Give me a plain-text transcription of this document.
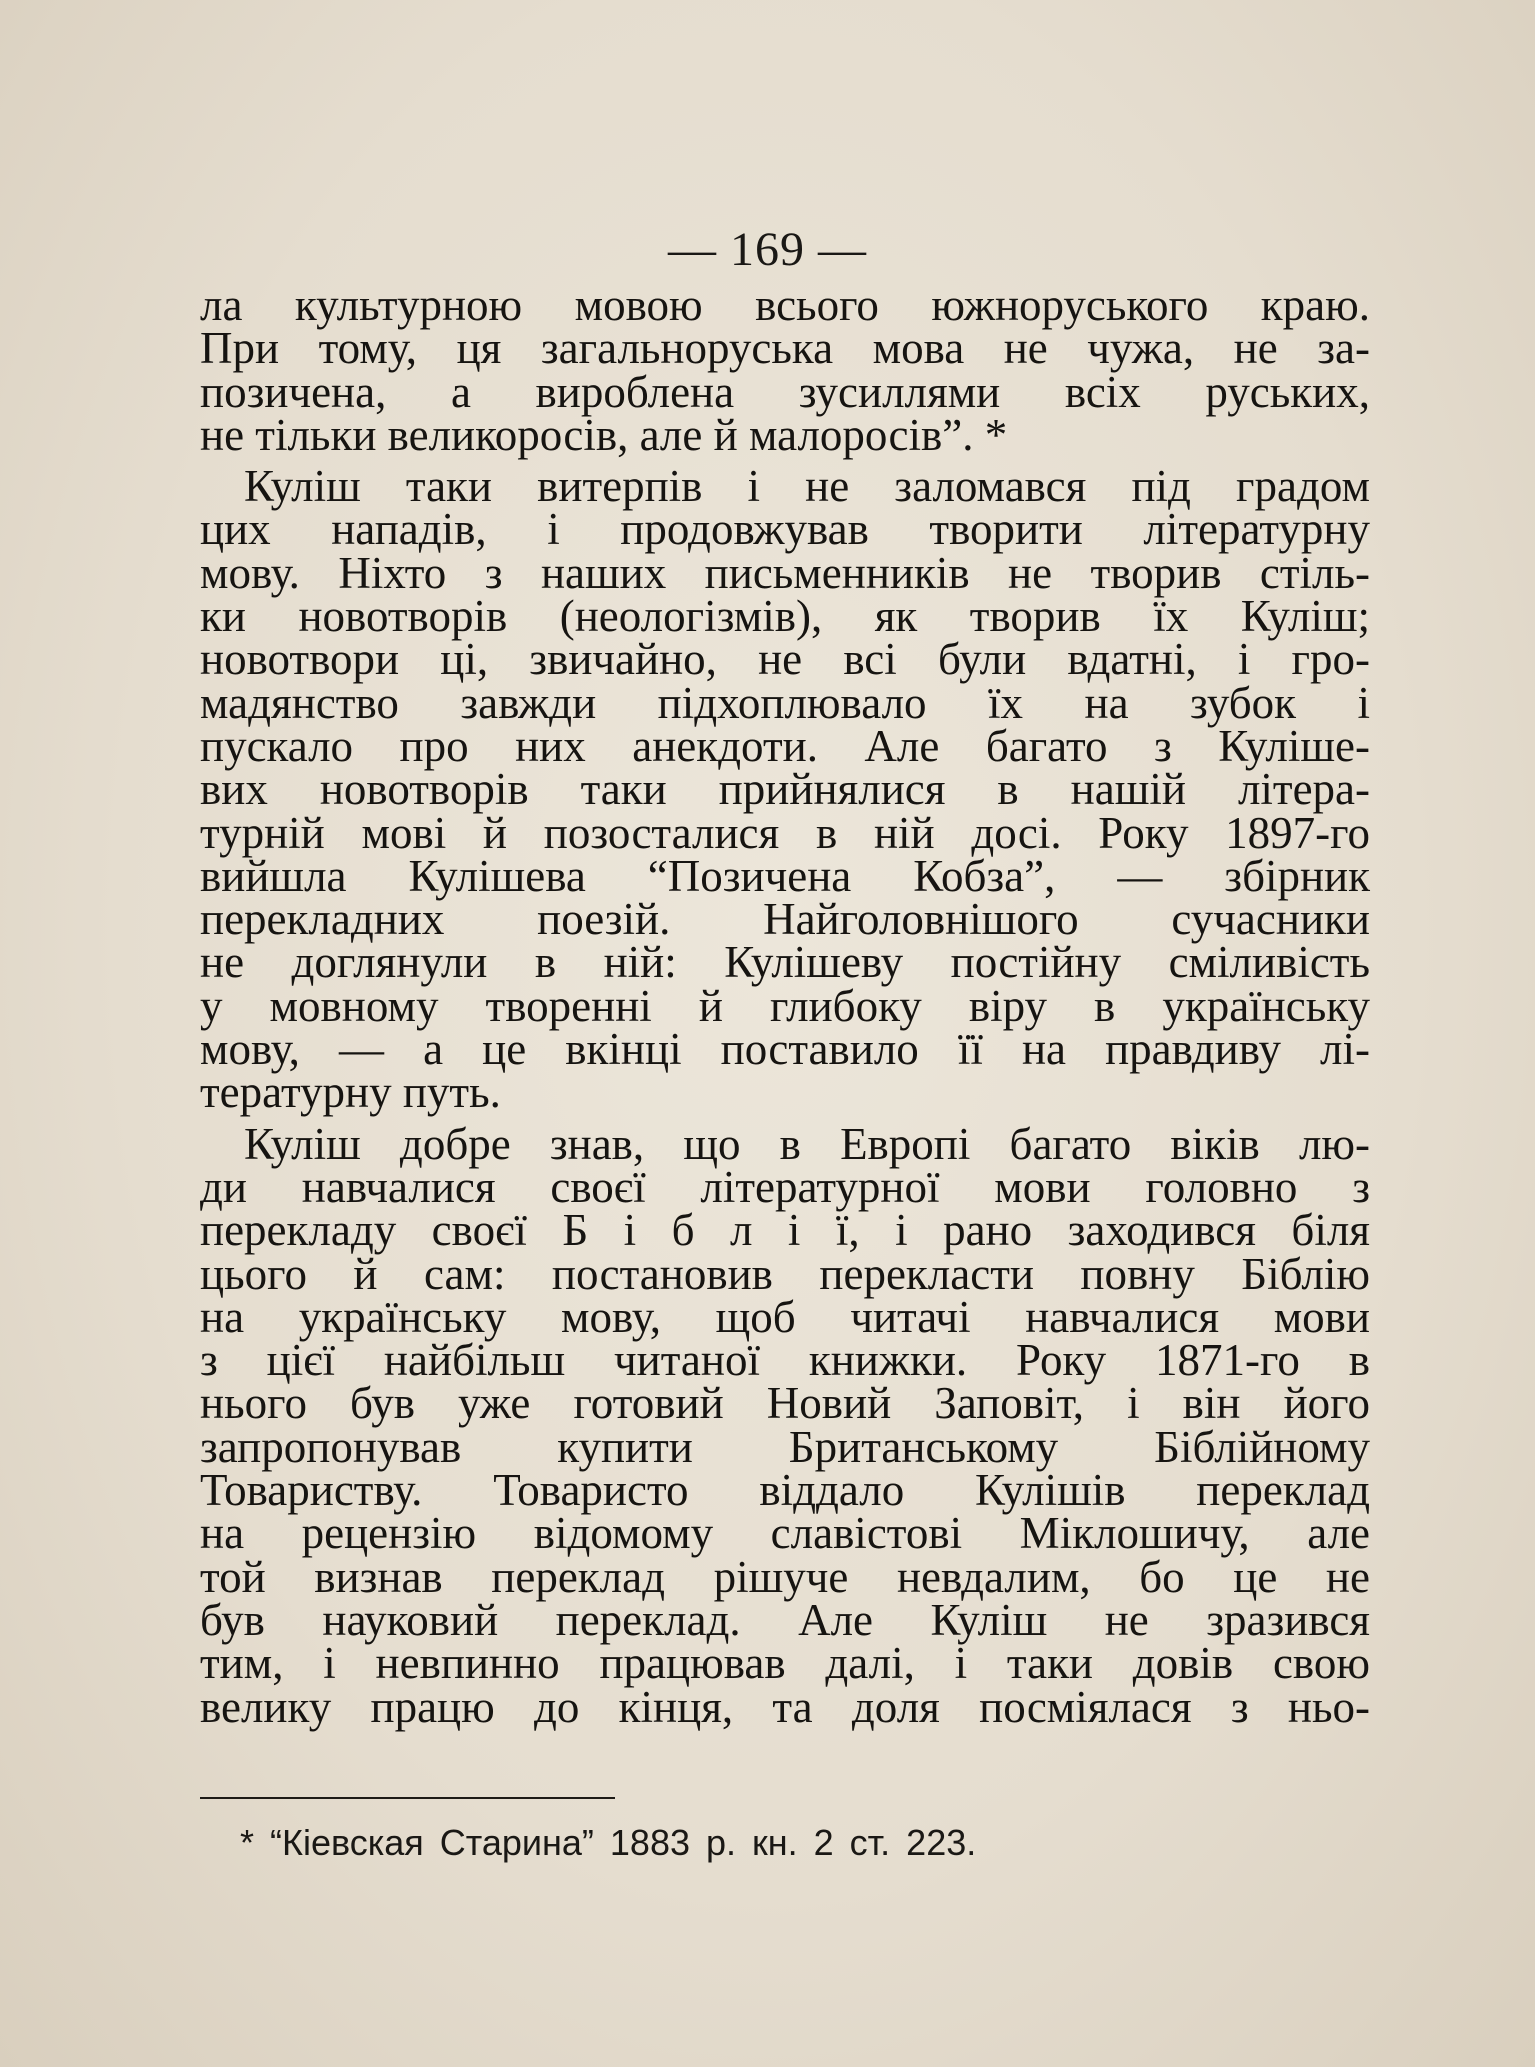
— 169 —
ла культурною мовою всього южноруського краю.
При тому, ця загальноруська мова не чужа, не за-
позичена, а вироблена зусиллями всіх руських,
не тільки великоросів, але й малоросів”. *
Куліш таки витерпів і не заломався під градом
цих нападів, і продовжував творити літературну
мову. Ніхто з наших письменників не творив стіль-
ки новотворів (неологізмів), як творив їх Куліш;
новотвори ці, звичайно, не всі були вдатні, і гро-
мадянство завжди підхоплювало їх на зубок і
пускало про них анекдоти. Але багато з Куліше-
вих новотворів таки прийнялися в нашій літера-
турній мові й позосталися в ній досі. Року 1897-го
вийшла Кулішева “Позичена Кобза”, — збірник
перекладних поезій. Найголовнішого сучасники
не доглянули в ній: Кулішеву постійну сміливість
у мовному творенні й глибоку віру в українську
мову, — а це вкінці поставило її на правдиву лі-
тературну путь.
Куліш добре знав, що в Европі багато віків лю-
ди навчалися своєї літературної мови головно з
перекладу своєї Б і б л і ї, і рано заходився біля
цього й сам: постановив перекласти повну Біблію
на українську мову, щоб читачі навчалися мови
з цієї найбільш читаної книжки. Року 1871-го в
нього був уже готовий Новий Заповіт, і він його
запропонував купити Британському Біблійному
Товариству. Товаристо віддало Кулішів переклад
на рецензію відомому славістові Міклошичу, але
той визнав переклад рішуче невдалим, бо це не
був науковий переклад. Але Куліш не зразився
тим, і невпинно працював далі, і таки довів свою
велику працю до кінця, та доля посміялася з ньо-
* “Кіевская Старина” 1883 р. кн. 2 ст. 223.
